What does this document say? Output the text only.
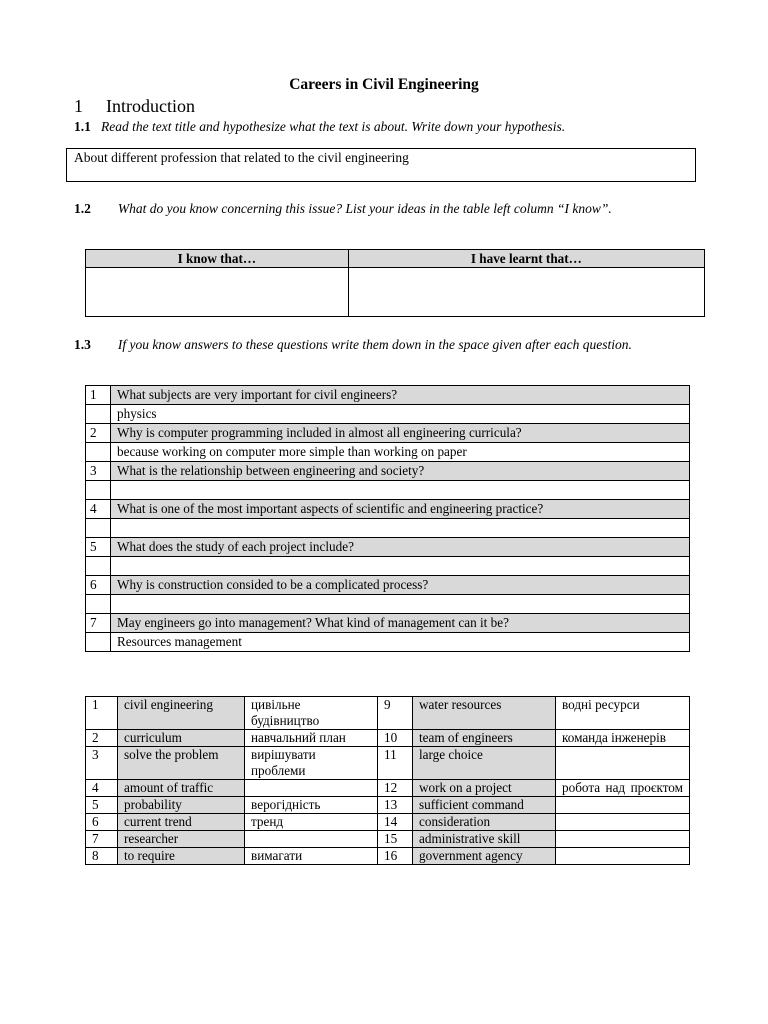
Careers in Civil Engineering
1 Introduction
1.1 Read the text title and hypothesize what the text is about. Write down your hypothesis.
About different profession that related to the civil engineering
1.2 What do you know concerning this issue? List your ideas in the table left column “I know”.
I know that…	I have learnt that…

1.3 If you know answers to these questions write them down in the space given after each question.
1	What subjects are very important for civil engineers?
	physics
2	Why is computer programming included in almost all engineering curricula?
	because working on computer more simple than working on paper
3	What is the relationship between engineering and society?

4	What is one of the most important aspects of scientific and engineering practice?

5	What does the study of each project include?

6	Why is construction consided to be a complicated process?

7	May engineers go into management? What kind of management can it be?
	Resources management
1	civil engineering	цивільне будівництво	9	water resources	водні ресурси
2	curriculum	навчальний план	10	team of engineers	команда інженерів
3	solve the problem	вирішувати проблеми	11	large choice	
4	amount of traffic		12	work on a project	робота над проєктом
5	probability	вeрогідність	13	sufficient command	
6	current trend	тренд	14	consideration	
7	researcher		15	administrative skill	
8	to require	вимагати	16	government agency	
